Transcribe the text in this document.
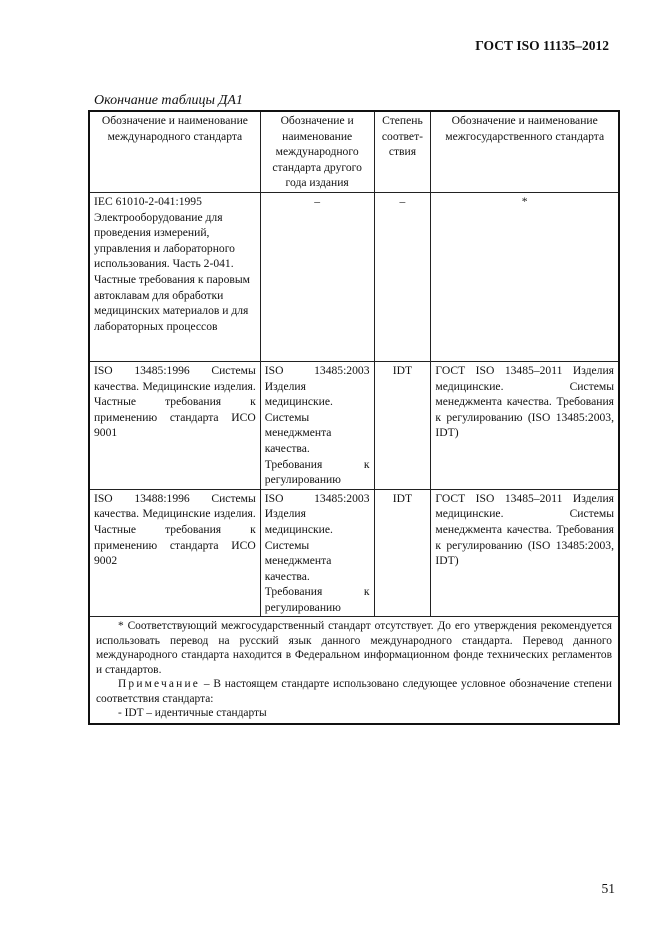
ГОСТ ISO 11135–2012
Окончание таблицы ДА1
Обозначение и наименование международного стандарта	Обозначение и наименование международного стандарта другого года издания	Степень соответ-ствия	Обозначение и наименование межгосударственного стандарта
IEC 61010-2-041:1995 Электрооборудование для проведения измерений, управления и лабораторного использования. Часть 2-041. Частные требования к паровым автоклавам для обработки медицинских материалов и для лабораторных процессов	–	–	*
ISO 13485:1996 Системы качества. Медицинские изделия. Частные требования к применению стандарта ИСО 9001	ISO 13485:2003 Изделия медицинские. Системы менеджмента качества. Требования к регулированию	IDT	ГОСТ ISO 13485–2011 Изделия медицинские. Системы менеджмента качества. Требования к регулированию (ISO 13485:2003, IDT)
ISO 13488:1996 Системы качества. Медицинские изделия. Частные требования к применению стандарта ИСО 9002	ISO 13485:2003 Изделия медицинские. Системы менеджмента качества. Требования к регулированию	IDT	ГОСТ ISO 13485–2011 Изделия медицинские. Системы менеджмента качества. Требования к регулированию (ISO 13485:2003, IDT)

* Соответствующий межгосударственный стандарт отсутствует. До его утверждения рекомендуется использовать перевод на русский язык данного международного стандарта. Перевод данного международного стандарта находится в Федеральном информационном фонде технических регламентов и стандартов.

Примечание – В настоящем стандарте использовано следующее условное обозначение степени соответствия стандарта:

- IDT – идентичные стандарты			

51
